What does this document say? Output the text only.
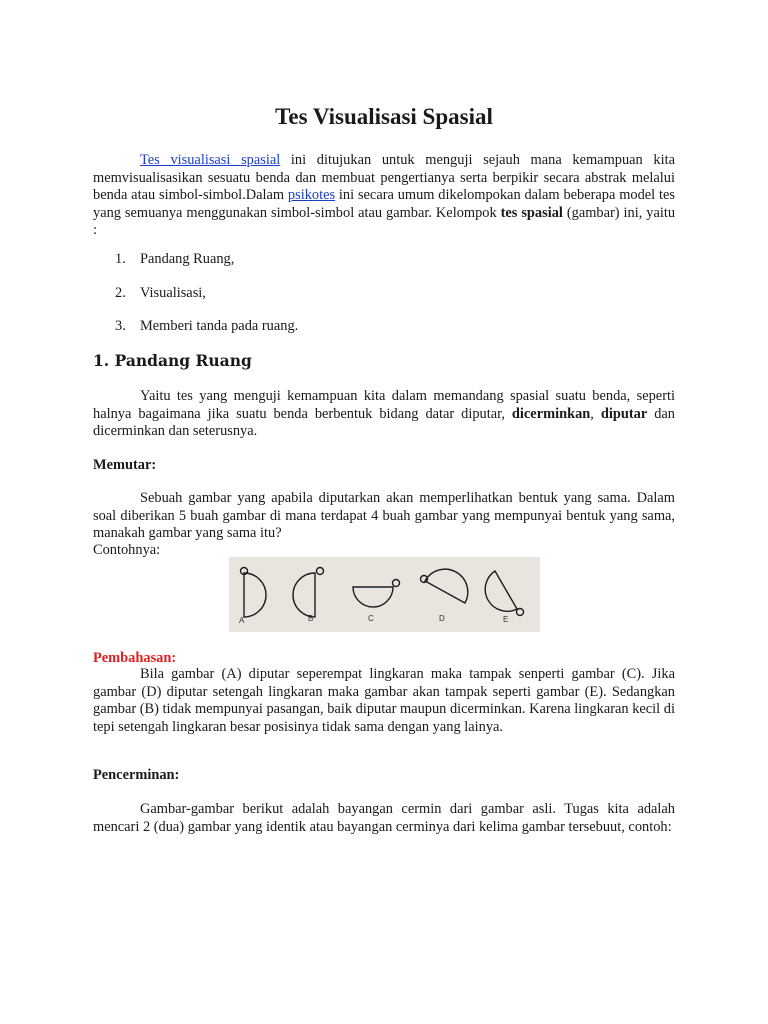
Tes Visualisasi Spasial

Tes visualisasi spasial ini ditujukan untuk menguji sejauh mana kemampuan kita memvisualisasikan sesuatu benda dan membuat pengertianya serta berpikir secara abstrak melalui benda atau simbol-simbol.Dalam psikotes ini secara umum dikelompokan dalam beberapa model tes yang semuanya menggunakan simbol-simbol atau gambar. Kelompok tes spasial (gambar) ini, yaitu :

1. Pandang Ruang,
2. Visualisasi,
3. Memberi tanda pada ruang.
1. Pandang Ruang

Yaitu tes yang menguji kemampuan kita dalam memandang spasial suatu benda, seperti halnya bagaimana jika suatu benda berbentuk bidang datar diputar, dicerminkan, diputar dan dicerminkan dan seterusnya.

Memutar:

Sebuah gambar yang apabila diputarkan akan memperlihatkan bentuk yang sama. Dalam soal diberikan 5 buah gambar di mana terdapat 4 buah gambar yang mempunyai bentuk yang sama, manakah gambar yang sama itu?

Contohnya:

A	B	C	D	E

Pembahasan:

Bila gambar (A) diputar seperempat lingkaran maka tampak senperti gambar (C). Jika gambar (D) diputar setengah lingkaran maka gambar akan tampak seperti gambar (E). Sedangkan gambar (B) tidak mempunyai pasangan, baik diputar maupun dicerminkan. Karena lingkaran kecil di tepi setengah lingkaran besar posisinya tidak sama dengan yang lainya.

Pencerminan:

Gambar-gambar berikut adalah bayangan cermin dari gambar asli. Tugas kita adalah mencari 2 (dua) gambar yang identik atau bayangan cerminya dari kelima gambar tersebuut, contoh:
